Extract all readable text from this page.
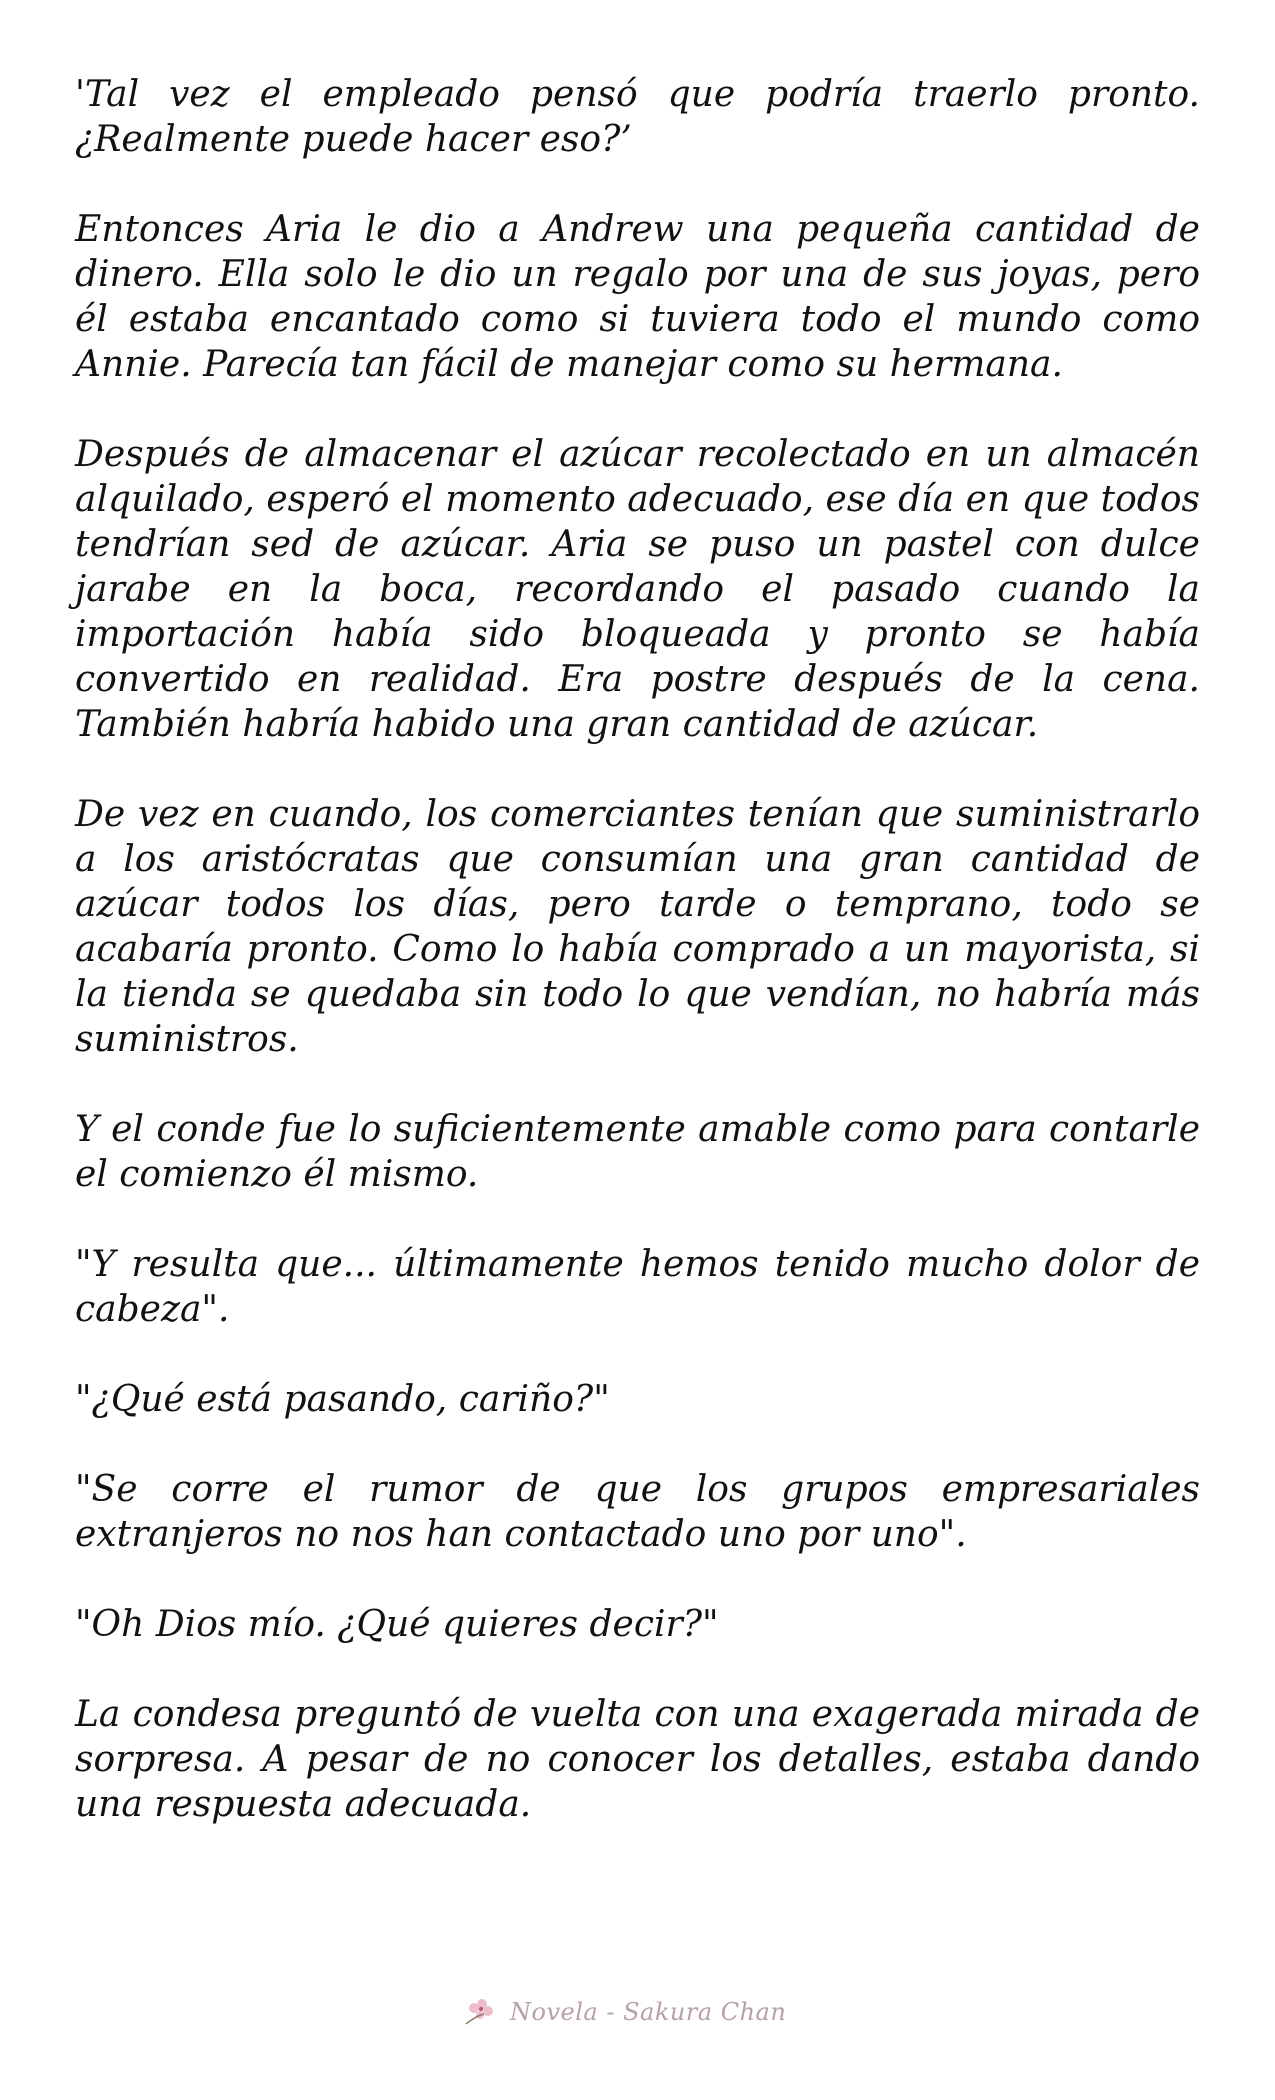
'Tal vez el empleado pensó que podría traerlo pronto. ¿Realmente puede hacer eso?’

Entonces Aria le dio a Andrew una pequeña cantidad de dinero. Ella solo le dio un regalo por una de sus joyas, pero él estaba encantado como si tuviera todo el mundo como Annie. Parecía tan fácil de manejar como su hermana.

Después de almacenar el azúcar recolectado en un almacén alquilado, esperó el momento adecuado, ese día en que todos tendrían sed de azúcar. Aria se puso un pastel con dulce jarabe en la boca, recordando el pasado cuando la importación había sido bloqueada y pronto se había convertido en realidad. Era postre después de la cena. También habría habido una gran cantidad de azúcar.

De vez en cuando, los comerciantes tenían que suministrarlo a los aristócratas que consumían una gran cantidad de azúcar todos los días, pero tarde o temprano, todo se acabaría pronto. Como lo había comprado a un mayorista, si la tienda se quedaba sin todo lo que vendían, no habría más suministros.

Y el conde fue lo suficientemente amable como para contarle el comienzo él mismo.

"Y resulta que... últimamente hemos tenido mucho dolor de cabeza".

"¿Qué está pasando, cariño?"

"Se corre el rumor de que los grupos empresariales extranjeros no nos han contactado uno por uno".

"Oh Dios mío. ¿Qué quieres decir?"

La condesa preguntó de vuelta con una exagerada mirada de sorpresa. A pesar de no conocer los detalles, estaba dando una respuesta adecuada.

Novela - Sakura Chan
